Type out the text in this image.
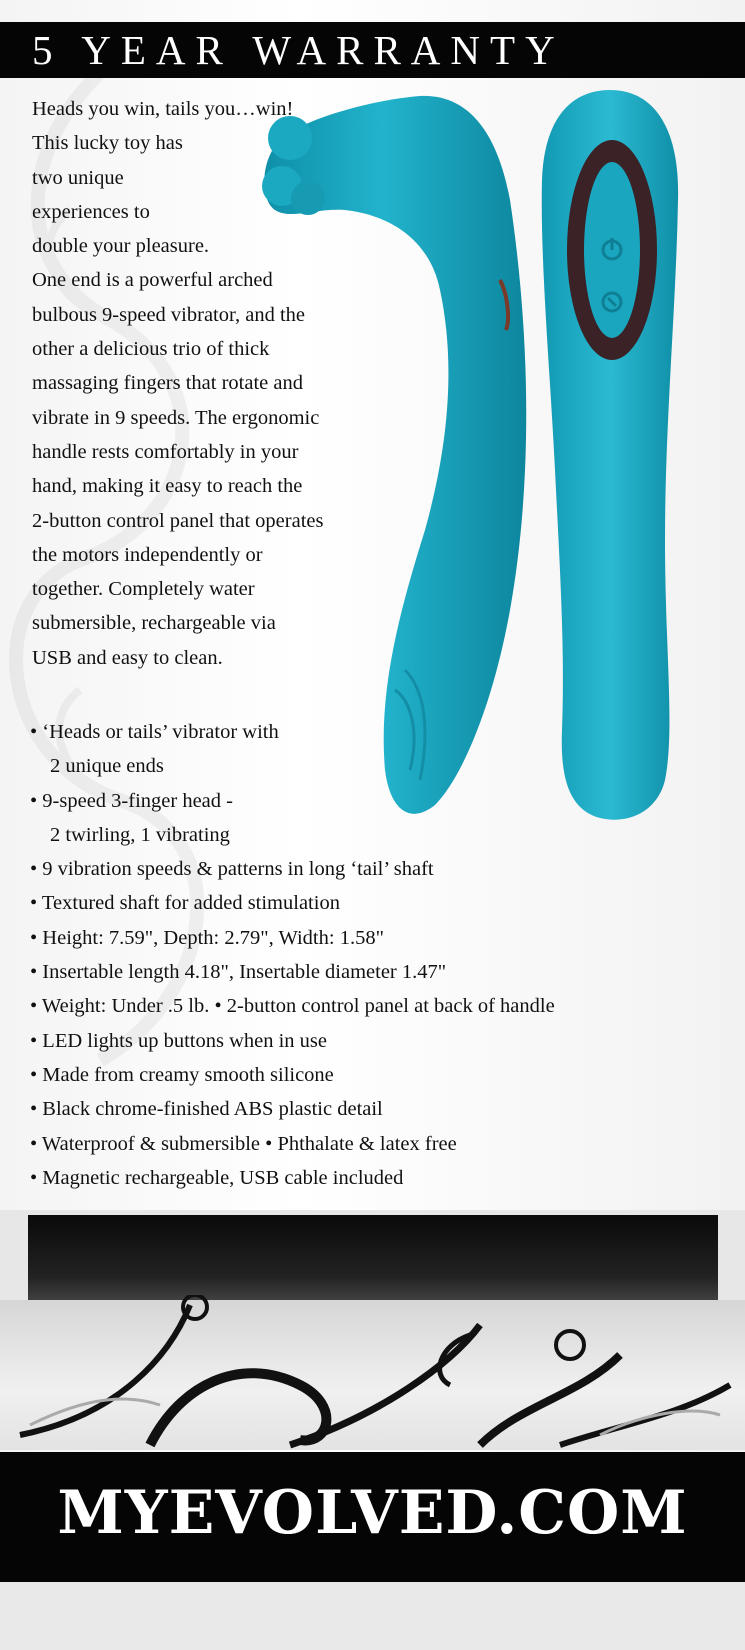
5 YEAR WARRANTY
Heads you win, tails you…win!
This lucky toy has
two unique
experiences to
double your pleasure.
One end is a powerful arched
bulbous 9-speed vibrator, and the
other a delicious trio of thick
massaging fingers that rotate and
vibrate in 9 speeds. The ergonomic
handle rests comfortably in your
hand, making it easy to reach the
2-button control panel that operates
the motors independently or
together. Completely water
submersible, rechargeable via
USB and easy to clean.
• ‘Heads or tails’ vibrator with
2 unique ends
• 9-speed 3-finger head -
2 twirling, 1 vibrating
• 9 vibration speeds & patterns in long ‘tail’ shaft
• Textured shaft for added stimulation
• Height: 7.59", Depth: 2.79", Width: 1.58"
• Insertable length 4.18", Insertable diameter 1.47"
• Weight: Under .5 lb. • 2-button control panel at back of handle
• LED lights up buttons when in use
• Made from creamy smooth silicone
• Black chrome-finished ABS plastic detail
• Waterproof & submersible • Phthalate & latex free
• Magnetic rechargeable, USB cable included
MYEVOLVED.COM
